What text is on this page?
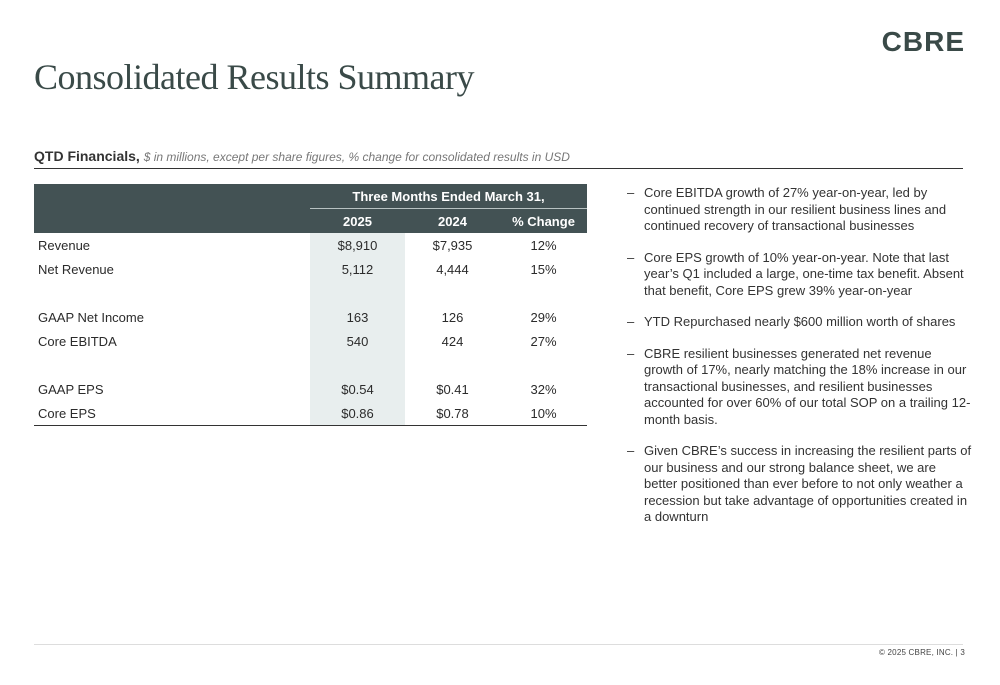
CBRE
Consolidated Results Summary
QTD Financials, $ in millions, except per share figures, % change for consolidated results in USD
	Three Months Ended March 31,		
	2025	2024	% Change
Revenue	$8,910	$7,935	12%
Net Revenue	5,112	4,444	15%

GAAP Net Income	163	126	29%
Core EBITDA	540	424	27%

GAAP EPS	$0.54	$0.41	32%
Core EPS	$0.86	$0.78	10%
– Core EBITDA growth of 27% year-on-year, led by continued strength in our resilient business lines and continued recovery of transactional businesses
– Core EPS growth of 10% year-on-year. Note that last year’s Q1 included a large, one-time tax benefit. Absent that benefit, Core EPS grew 39% year-on-year
– YTD Repurchased nearly $600 million worth of shares
– CBRE resilient businesses generated net revenue growth of 17%, nearly matching the 18% increase in our transactional businesses, and resilient businesses accounted for over 60% of our total SOP on a trailing 12-month basis.
– Given CBRE’s success in increasing the resilient parts of our business and our strong balance sheet, we are better positioned than ever before to not only weather a recession but take advantage of opportunities created in a downturn
© 2025 CBRE, INC. | 3
